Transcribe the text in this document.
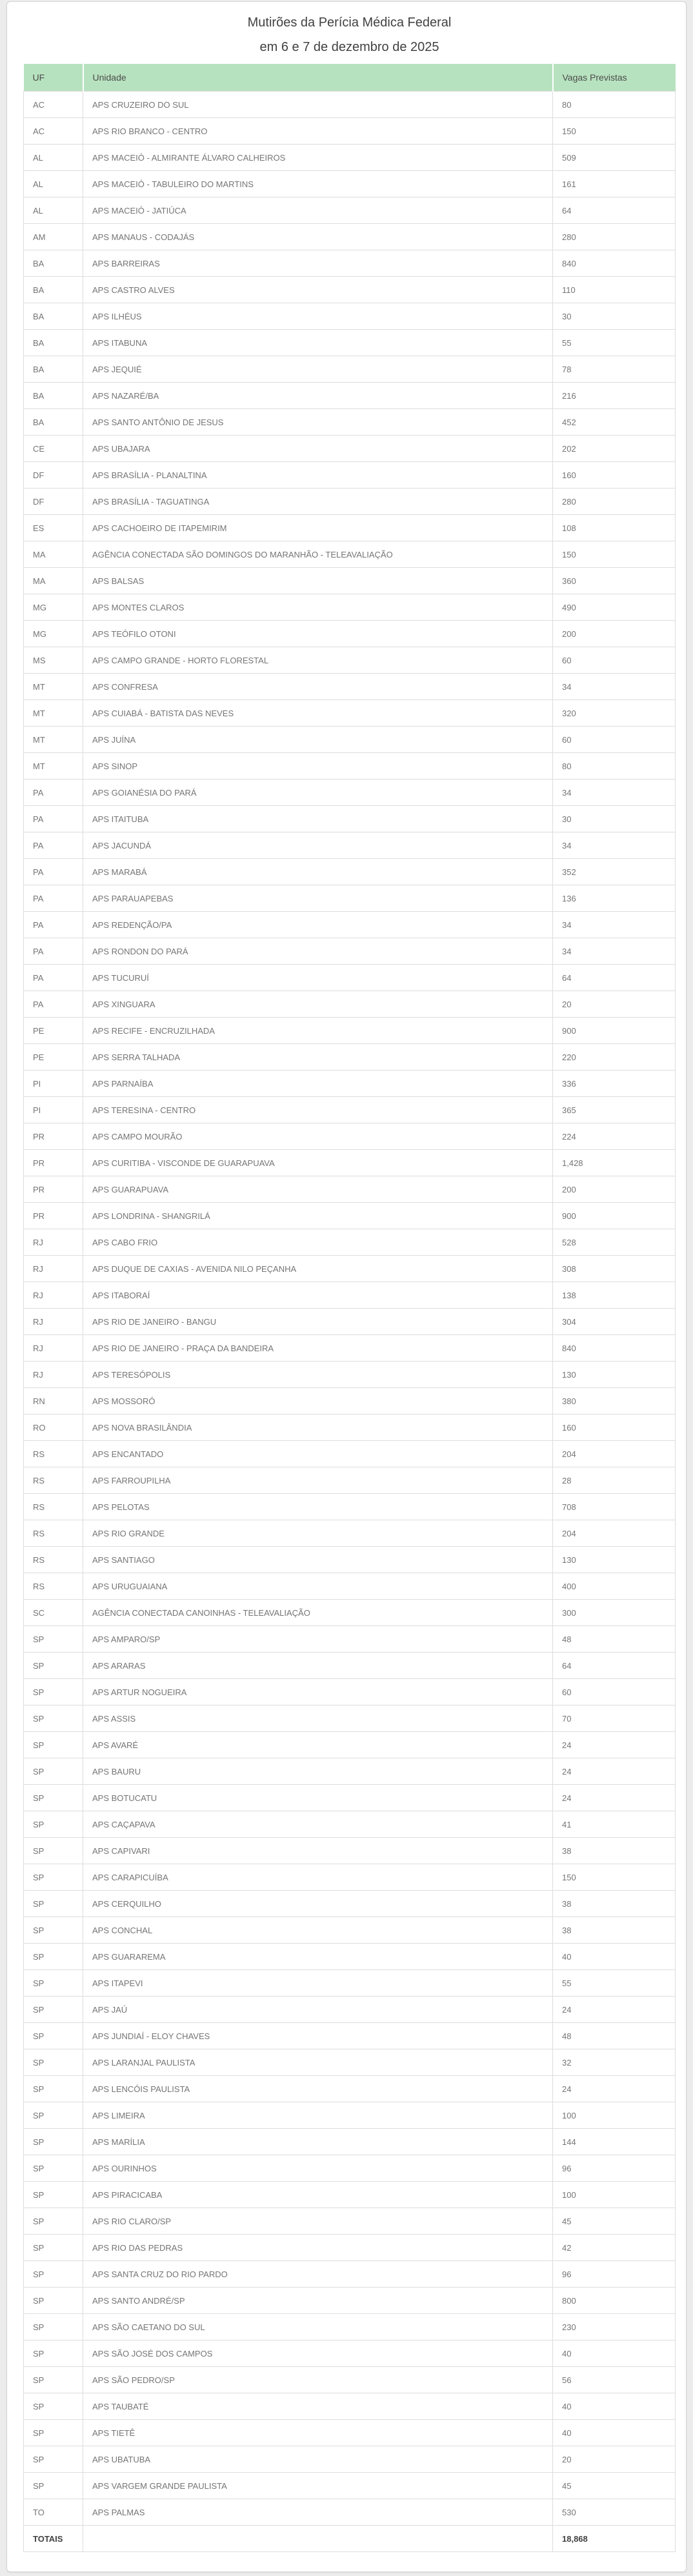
Mutirões da Perícia Médica Federal
em 6 e 7 de dezembro de 2025
UF	Unidade	Vagas Previstas
AC	APS CRUZEIRO DO SUL	80
AC	APS RIO BRANCO - CENTRO	150
AL	APS MACEIÓ - ALMIRANTE ÁLVARO CALHEIROS	509
AL	APS MACEIÓ - TABULEIRO DO MARTINS	161
AL	APS MACEIÓ - JATIÚCA	64
AM	APS MANAUS - CODAJÁS	280
BA	APS BARREIRAS	840
BA	APS CASTRO ALVES	110
BA	APS ILHÉUS	30
BA	APS ITABUNA	55
BA	APS JEQUIÉ	78
BA	APS NAZARÉ/BA	216
BA	APS SANTO ANTÔNIO DE JESUS	452
CE	APS UBAJARA	202
DF	APS BRASÍLIA - PLANALTINA	160
DF	APS BRASÍLIA - TAGUATINGA	280
ES	APS CACHOEIRO DE ITAPEMIRIM	108
MA	AGÊNCIA CONECTADA SÃO DOMINGOS DO MARANHÃO - TELEAVALIAÇÃO	150
MA	APS BALSAS	360
MG	APS MONTES CLAROS	490
MG	APS TEÓFILO OTONI	200
MS	APS CAMPO GRANDE - HORTO FLORESTAL	60
MT	APS CONFRESA	34
MT	APS CUIABÁ - BATISTA DAS NEVES	320
MT	APS JUÍNA	60
MT	APS SINOP	80
PA	APS GOIANÉSIA DO PARÁ	34
PA	APS ITAITUBA	30
PA	APS JACUNDÁ	34
PA	APS MARABÁ	352
PA	APS PARAUAPEBAS	136
PA	APS REDENÇÃO/PA	34
PA	APS RONDON DO PARÁ	34
PA	APS TUCURUÍ	64
PA	APS XINGUARA	20
PE	APS RECIFE - ENCRUZILHADA	900
PE	APS SERRA TALHADA	220
PI	APS PARNAÍBA	336
PI	APS TERESINA - CENTRO	365
PR	APS CAMPO MOURÃO	224
PR	APS CURITIBA - VISCONDE DE GUARAPUAVA	1,428
PR	APS GUARAPUAVA	200
PR	APS LONDRINA - SHANGRILÁ	900
RJ	APS CABO FRIO	528
RJ	APS DUQUE DE CAXIAS - AVENIDA NILO PEÇANHA	308
RJ	APS ITABORAÍ	138
RJ	APS RIO DE JANEIRO - BANGU	304
RJ	APS RIO DE JANEIRO - PRAÇA DA BANDEIRA	840
RJ	APS TERESÓPOLIS	130
RN	APS MOSSORÓ	380
RO	APS NOVA BRASILÂNDIA	160
RS	APS ENCANTADO	204
RS	APS FARROUPILHA	28
RS	APS PELOTAS	708
RS	APS RIO GRANDE	204
RS	APS SANTIAGO	130
RS	APS URUGUAIANA	400
SC	AGÊNCIA CONECTADA CANOINHAS - TELEAVALIAÇÃO	300
SP	APS AMPARO/SP	48
SP	APS ARARAS	64
SP	APS ARTUR NOGUEIRA	60
SP	APS ASSIS	70
SP	APS AVARÉ	24
SP	APS BAURU	24
SP	APS BOTUCATU	24
SP	APS CAÇAPAVA	41
SP	APS CAPIVARI	38
SP	APS CARAPICUÍBA	150
SP	APS CERQUILHO	38
SP	APS CONCHAL	38
SP	APS GUARAREMA	40
SP	APS ITAPEVI	55
SP	APS JAÚ	24
SP	APS JUNDIAÍ - ELOY CHAVES	48
SP	APS LARANJAL PAULISTA	32
SP	APS LENCÓIS PAULISTA	24
SP	APS LIMEIRA	100
SP	APS MARÍLIA	144
SP	APS OURINHOS	96
SP	APS PIRACICABA	100
SP	APS RIO CLARO/SP	45
SP	APS RIO DAS PEDRAS	42
SP	APS SANTA CRUZ DO RIO PARDO	96
SP	APS SANTO ANDRÉ/SP	800
SP	APS SÃO CAETANO DO SUL	230
SP	APS SÃO JOSÉ DOS CAMPOS	40
SP	APS SÃO PEDRO/SP	56
SP	APS TAUBATÉ	40
SP	APS TIETÊ	40
SP	APS UBATUBA	20
SP	APS VARGEM GRANDE PAULISTA	45
TO	APS PALMAS	530
TOTAIS		18,868
